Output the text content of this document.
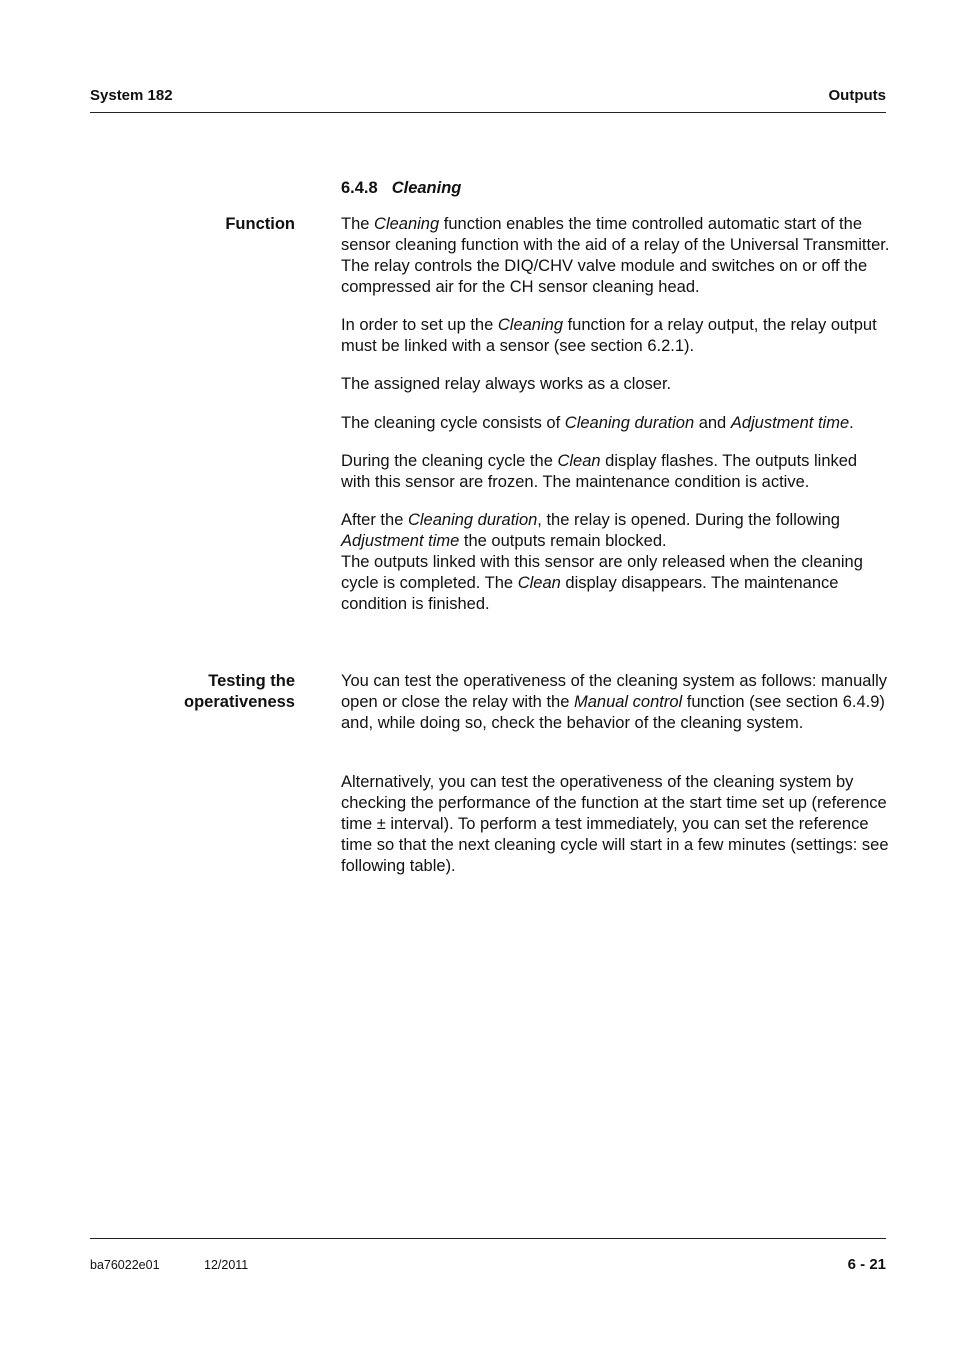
System 182	Outputs
6.4.8 Cleaning
Function	The Cleaning function enables the time controlled automatic start of the sensor cleaning function with the aid of a relay of the Universal Transmitter. The relay controls the DIQ/CHV valve module and switches on or off the compressed air for the CH sensor cleaning head.

In order to set up the Cleaning function for a relay output, the relay output must be linked with a sensor (see section 6.2.1).

The assigned relay always works as a closer.

The cleaning cycle consists of Cleaning duration and Adjustment time.

During the cleaning cycle the Clean display flashes. The outputs linked with this sensor are frozen. The maintenance condition is active.

After the Cleaning duration, the relay is opened. During the following Adjustment time the outputs remain blocked.
The outputs linked with this sensor are only released when the cleaning cycle is completed. The Clean display disappears. The maintenance condition is finished.

Testing the
operativeness

You can test the operativeness of the cleaning system as follows: manually open or close the relay with the Manual control function (see section 6.4.9) and, while doing so, check the behavior of the cleaning system.

Alternatively, you can test the operativeness of the cleaning system by checking the performance of the function at the start time set up (reference time ± interval). To perform a test immediately, you can set the reference time so that the next cleaning cycle will start in a few minutes (settings: see following table).

ba76022e01	12/2011	6 - 21
